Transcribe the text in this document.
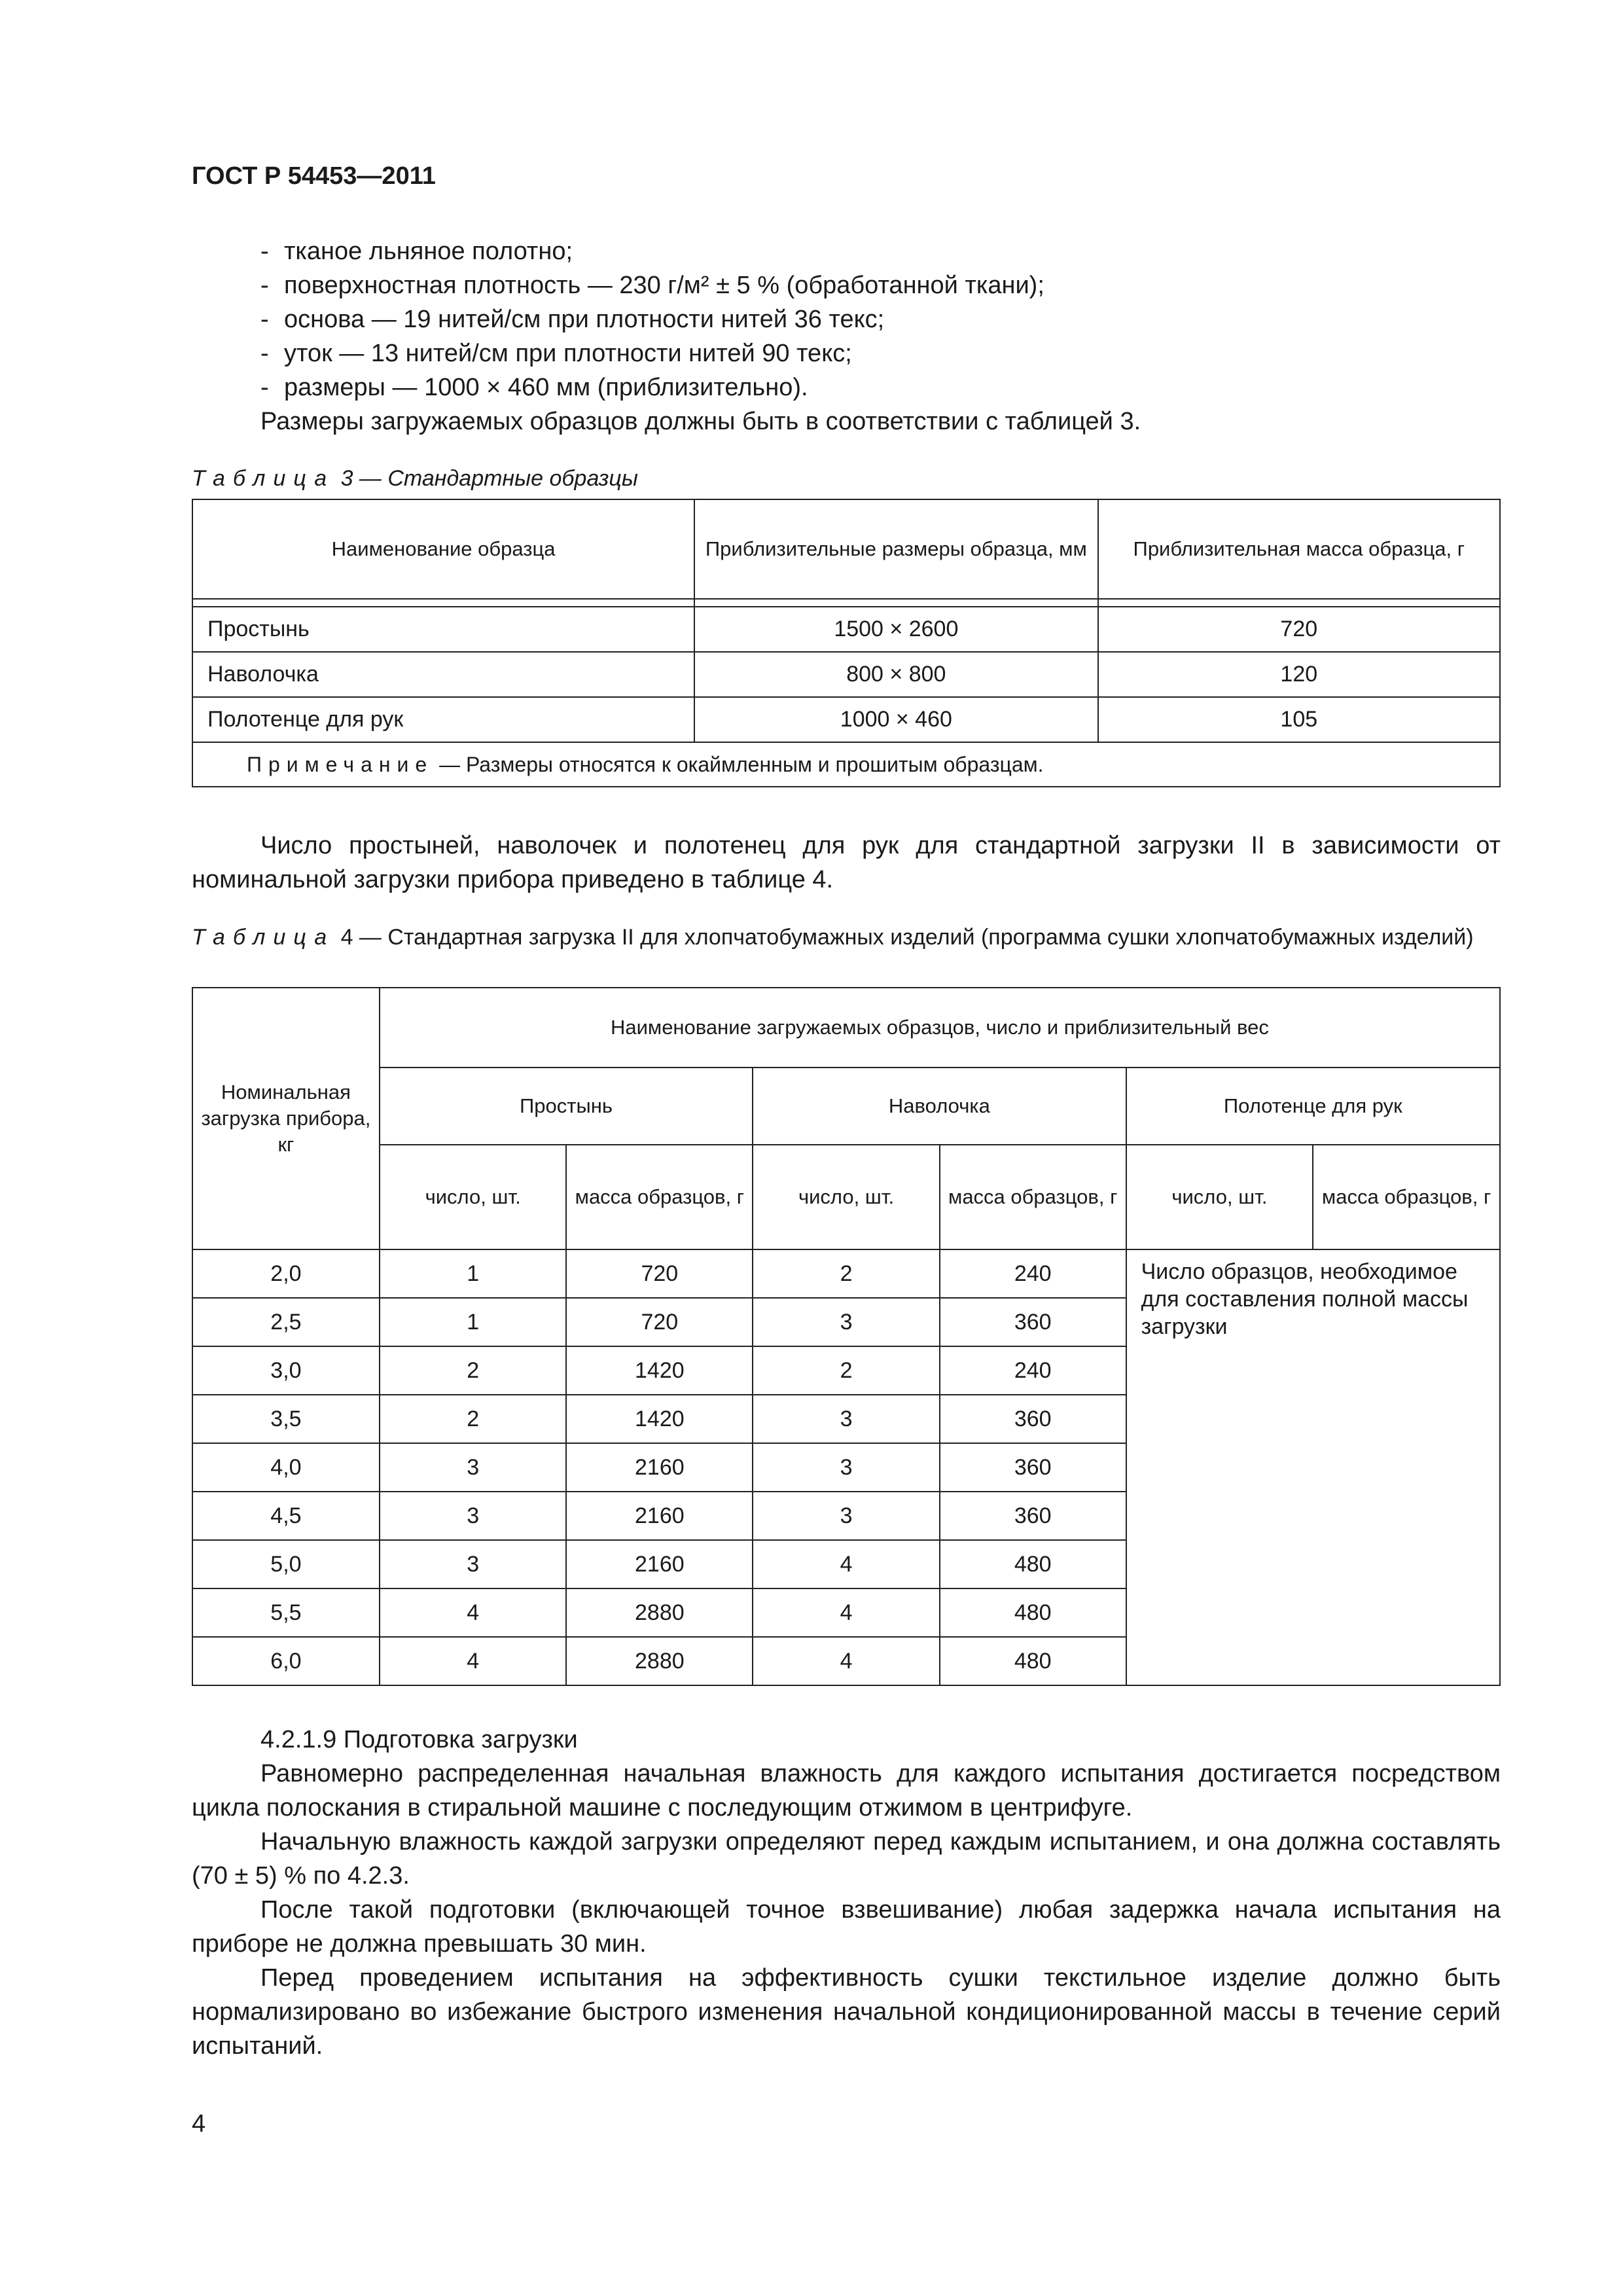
ГОСТ Р 54453—2011
- тканое льняное полотно;
- поверхностная плотность — 230 г/м² ± 5 % (обработанной ткани);
- основа — 19 нитей/см при плотности нитей 36 текс;
- уток — 13 нитей/см при плотности нитей 90 текс;
- размеры — 1000 × 460 мм (приблизительно).
Размеры загружаемых образцов должны быть в соответствии с таблицей 3.
Таблица 3 — Стандартные образцы
Наименование образца	Приблизительные размеры образца, мм	Приблизительная масса образца, г

Простынь	1500 × 2600	720
Наволочка	800 × 800	120
Полотенце для рук	1000 × 460	105
Примечание — Размеры относятся к окаймленным и прошитым образцам.		
Число простыней, наволочек и полотенец для рук для стандартной загрузки II в зависимости от номинальной загрузки прибора приведено в таблице 4.
Таблица 4 — Стандартная загрузка II для хлопчатобумажных изделий (программа сушки хлопчатобумажных изделий)
Номинальная загрузка прибора, кг	Наименование загружаемых образцов, число и приблизительный вес					
	Простынь		Наволочка		Полотенце для рук	
	число, шт.	масса образцов, г	число, шт.	масса образцов, г	число, шт.	масса образцов, г
2,0	1	720	2	240	Число образцов, необходимое для составления полной массы загрузки	
2,5	1	720	3	360		
3,0	2	1420	2	240		
3,5	2	1420	3	360		
4,0	3	2160	3	360		
4,5	3	2160	3	360		
5,0	3	2160	4	480		
5,5	4	2880	4	480		
6,0	4	2880	4	480		
4.2.1.9 Подготовка загрузки
Равномерно распределенная начальная влажность для каждого испытания достигается посредством цикла полоскания в стиральной машине с последующим отжимом в центрифуге.
Начальную влажность каждой загрузки определяют перед каждым испытанием, и она должна составлять (70 ± 5) % по 4.2.3.
После такой подготовки (включающей точное взвешивание) любая задержка начала испытания на приборе не должна превышать 30 мин.
Перед проведением испытания на эффективность сушки текстильное изделие должно быть нормализировано во избежание быстрого изменения начальной кондиционированной массы в течение серий испытаний.
4
